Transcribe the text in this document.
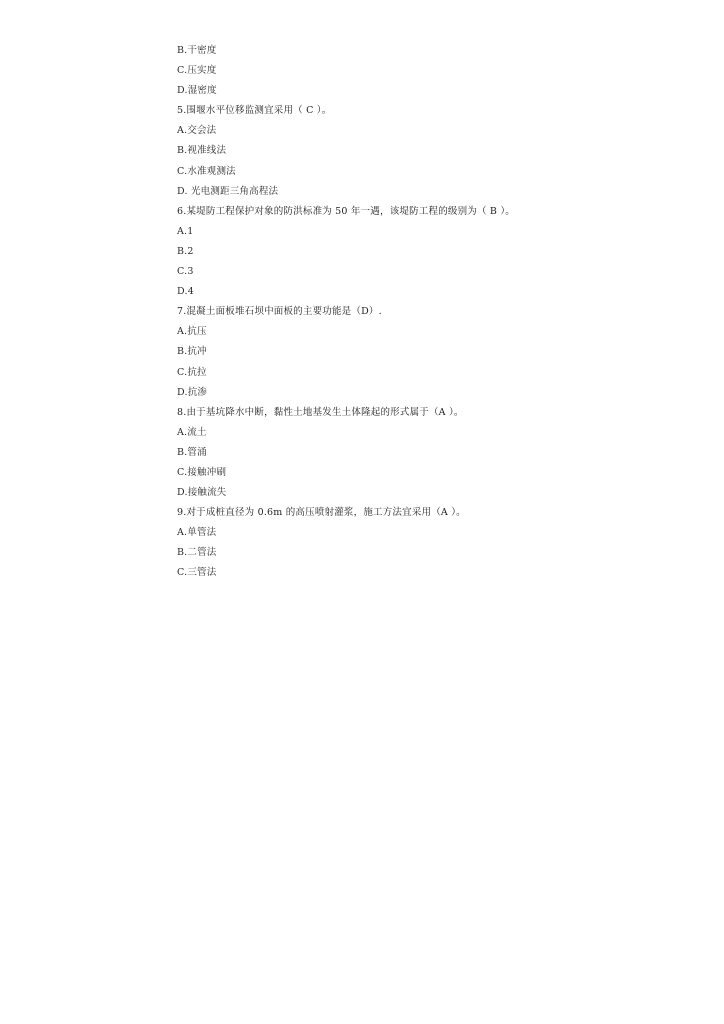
B.干密度
C.压实度
D.湿密度
5.围堰水平位移监测宜采用（ C ）。
A.交会法
B.视准线法
C.水准观测法
D. 光电测距三角高程法
6.某堤防工程保护对象的防洪标准为 50 年一遇，该堤防工程的级别为（ B ）。
A.1
B.2
C.3
D.4
7.混凝土面板堆石坝中面板的主要功能是（D）.
A.抗压
B.抗冲
C.抗拉
D.抗渗
8.由于基坑降水中断，黏性土地基发生土体隆起的形式属于（A ）。
A.流土
B.管涌
C.接触冲刷
D.接触流失
9.对于成桩直径为 0.6m 的高压喷射灌浆，施工方法宜采用（A ）。
A.单管法
B.二管法
C.三管法
